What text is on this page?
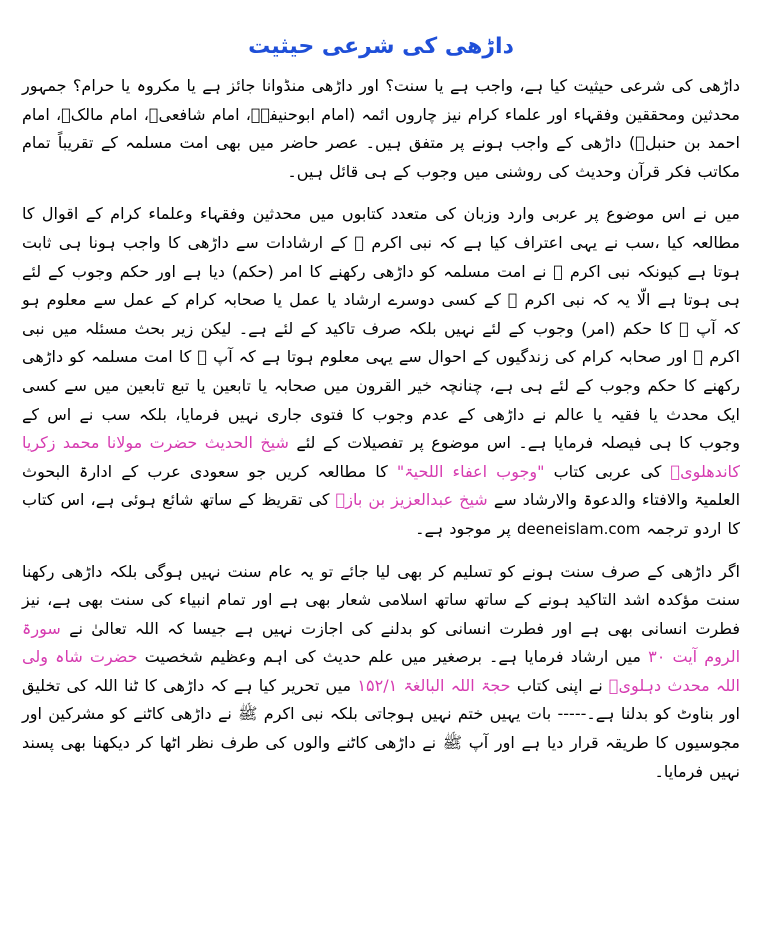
داڑھی کی شرعی حیثیت

داڑھی کی شرعی حیثیت کیا ہے، واجب ہے یا سنت؟ اور داڑھی منڈوانا جائز ہے یا مکروہ یا حرام؟ جمہور محدثین ومحققین وفقہاء اور علماء کرام نیز چاروں ائمہ (امام ابوحنیفہؒ، امام شافعیؒ، امام مالکؒ، امام احمد بن حنبلؒ) داڑھی کے واجب ہونے پر متفق ہیں۔ عصر حاضر میں بھی امت مسلمہ کے تقریباً تمام مکاتب فکر قرآن وحدیث کی روشنی میں وجوب کے ہی قائل ہیں۔

میں نے اس موضوع پر عربی وارد وزبان کی متعدد کتابوں میں محدثین وفقہاء وعلماء کرام کے اقوال کا مطالعہ کیا ،سب نے یہی اعتراف کیا ہے کہ نبی اکرم ﷺ کے ارشادات سے داڑھی کا واجب ہونا ہی ثابت ہوتا ہے کیونکہ نبی اکرم ﷺ نے امت مسلمہ کو داڑھی رکھنے کا امر (حکم) دیا ہے اور حکم وجوب کے لئے ہی ہوتا ہے الّا یہ کہ نبی اکرم ﷺ کے کسی دوسرے ارشاد یا عمل یا صحابہ کرام کے عمل سے معلوم ہو کہ آپ ﷺ کا حکم (امر) وجوب کے لئے نہیں بلکہ صرف تاکید کے لئے ہے۔ لیکن زیر بحث مسئلہ میں نبی اکرم ﷺ اور صحابہ کرام کی زندگیوں کے احوال سے یہی معلوم ہوتا ہے کہ آپ ﷺ کا امت مسلمہ کو داڑھی رکھنے کا حکم وجوب کے لئے ہی ہے، چنانچہ خیر القرون میں صحابہ یا تابعین یا تبع تابعین میں سے کسی ایک محدث یا فقیہ یا عالم نے داڑھی کے عدم وجوب کا فتوی جاری نہیں فرمایا، بلکہ سب نے اس کے وجوب کا ہی فیصلہ فرمایا ہے۔ اس موضوع پر تفصیلات کے لئے شیخ الحدیث حضرت مولانا محمد زکریا کاندھلویؒ کی عربی کتاب "وجوب اعفاء اللحیۃ" کا مطالعہ کریں جو سعودی عرب کے ادارۃ البحوث العلمیۃ والافتاء والدعوۃ والارشاد سے شیخ عبدالعزیز بن بازؒ کی تقریظ کے ساتھ شائع ہوئی ہے، اس کتاب کا اردو ترجمہ deeneislam.com پر موجود ہے۔

اگر داڑھی کے صرف سنت ہونے کو تسلیم کر بھی لیا جائے تو یہ عام سنت نہیں ہوگی بلکہ داڑھی رکھنا سنت مؤکدہ اشد التاکید ہونے کے ساتھ ساتھ اسلامی شعار بھی ہے اور تمام انبیاء کی سنت بھی ہے، نیز فطرت انسانی بھی ہے اور فطرت انسانی کو بدلنے کی اجازت نہیں ہے جیسا کہ اللہ تعالیٰ نے سورۃ الروم آیت ۳۰ میں ارشاد فرمایا ہے۔ برصغیر میں علم حدیث کی اہم وعظیم شخصیت حضرت شاہ ولی اللہ محدث دہلویؒ نے اپنی کتاب حجۃ اللہ البالغۃ ۱۵۲/۱ میں تحریر کیا ہے کہ داڑھی کا ٹنا اللہ کی تخلیق اور بناوٹ کو بدلنا ہے۔----- بات یہیں ختم نہیں ہوجاتی بلکہ نبی اکرم ﷺ نے داڑھی کاٹنے کو مشرکین اور مجوسیوں کا طریقہ قرار دیا ہے اور آپ ﷺ نے داڑھی کاٹنے والوں کی طرف نظر اٹھا کر دیکھنا بھی پسند نہیں فرمایا۔
